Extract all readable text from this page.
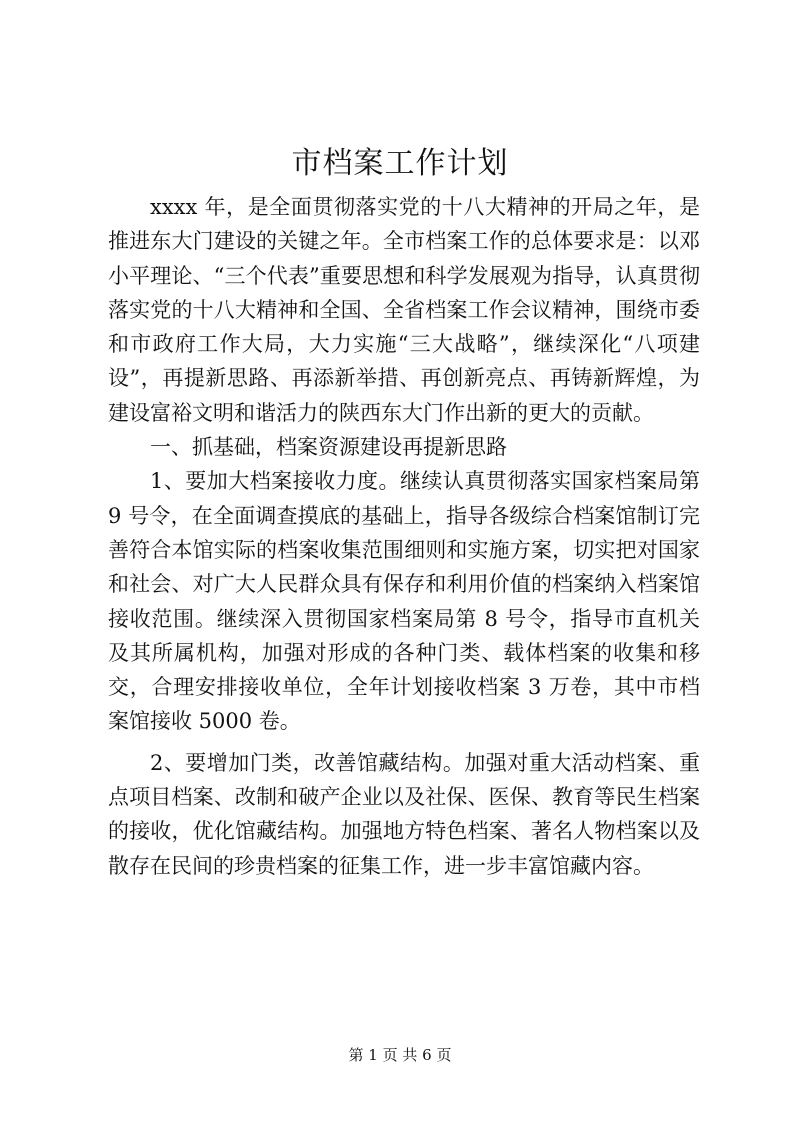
市档案工作计划

xxxx 年，是全面贯彻落实党的十八大精神的开局之年，是推进东大门建设的关键之年。全市档案工作的总体要求是：以邓小平理论、“三个代表”重要思想和科学发展观为指导，认真贯彻落实党的十八大精神和全国、全省档案工作会议精神，围绕市委和市政府工作大局，大力实施“三大战略”，继续深化“八项建设”，再提新思路、再添新举措、再创新亮点、再铸新辉煌，为建设富裕文明和谐活力的陕西东大门作出新的更大的贡献。

一、抓基础，档案资源建设再提新思路

1、要加大档案接收力度。继续认真贯彻落实国家档案局第 9 号令，在全面调查摸底的基础上，指导各级综合档案馆制订完善符合本馆实际的档案收集范围细则和实施方案，切实把对国家和社会、对广大人民群众具有保存和利用价值的档案纳入档案馆接收范围。继续深入贯彻国家档案局第 8 号令，指导市直机关及其所属机构，加强对形成的各种门类、载体档案的收集和移交，合理安排接收单位，全年计划接收档案 3 万卷，其中市档案馆接收 5000 卷。

2、要增加门类，改善馆藏结构。加强对重大活动档案、重点项目档案、改制和破产企业以及社保、医保、教育等民生档案的接收，优化馆藏结构。加强地方特色档案、著名人物档案以及散存在民间的珍贵档案的征集工作，进一步丰富馆藏内容。

第 1 页 共 6 页
